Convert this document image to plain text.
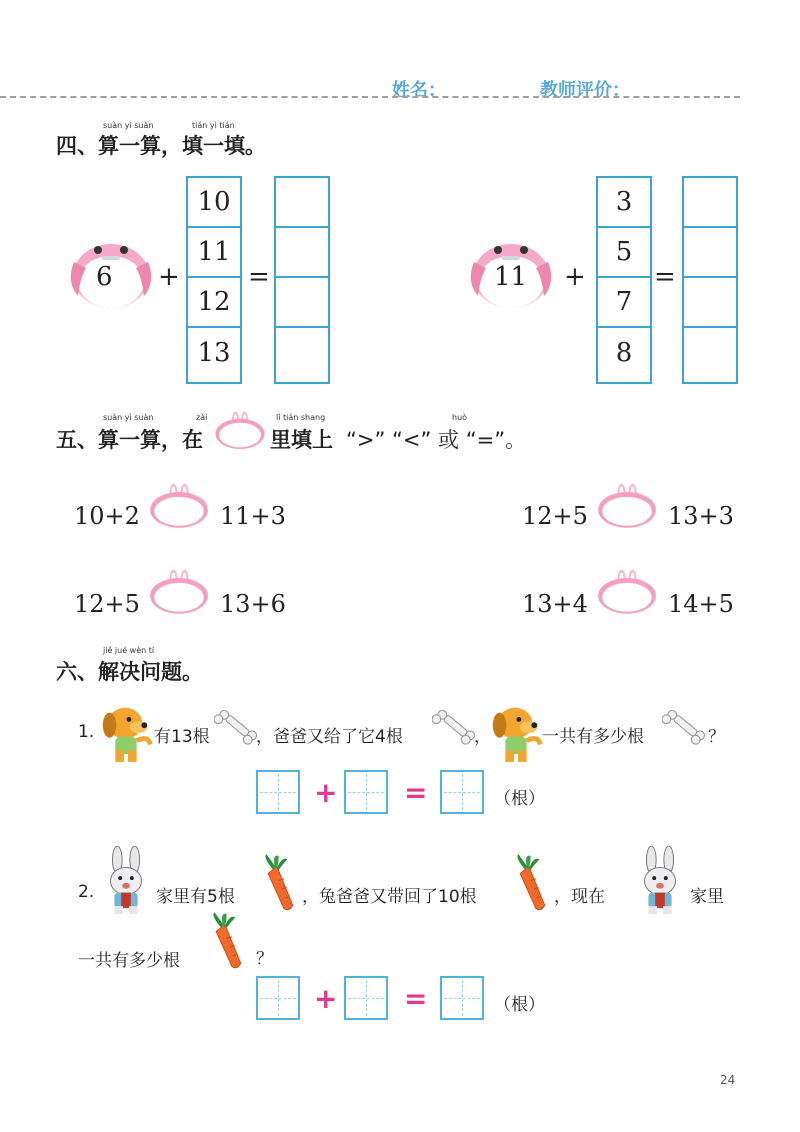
姓名：	教师评价：
suàn yì suàn	tián yì tián
四、算一算，填一填。
6 +
10
11
12
13
=	11 +
3
5
7
8
=
suàn yì suàn	zài	lǐ tián shang	huò
五、算一算，在	里填上 “>” “<” 或 “=”。
10+2	11+3	12+5	13+3
12+5	13+6	13+4	14+5
jiě jué wèn tí
六、解决问题。
1.	有13根	，爸爸又给了它4根	，	一共有多少根	？
+ =	（根）
2.	家里有5根	，兔爸爸又带回了10根	，现在	家里
一共有多少根	？
+ =	（根）
24
